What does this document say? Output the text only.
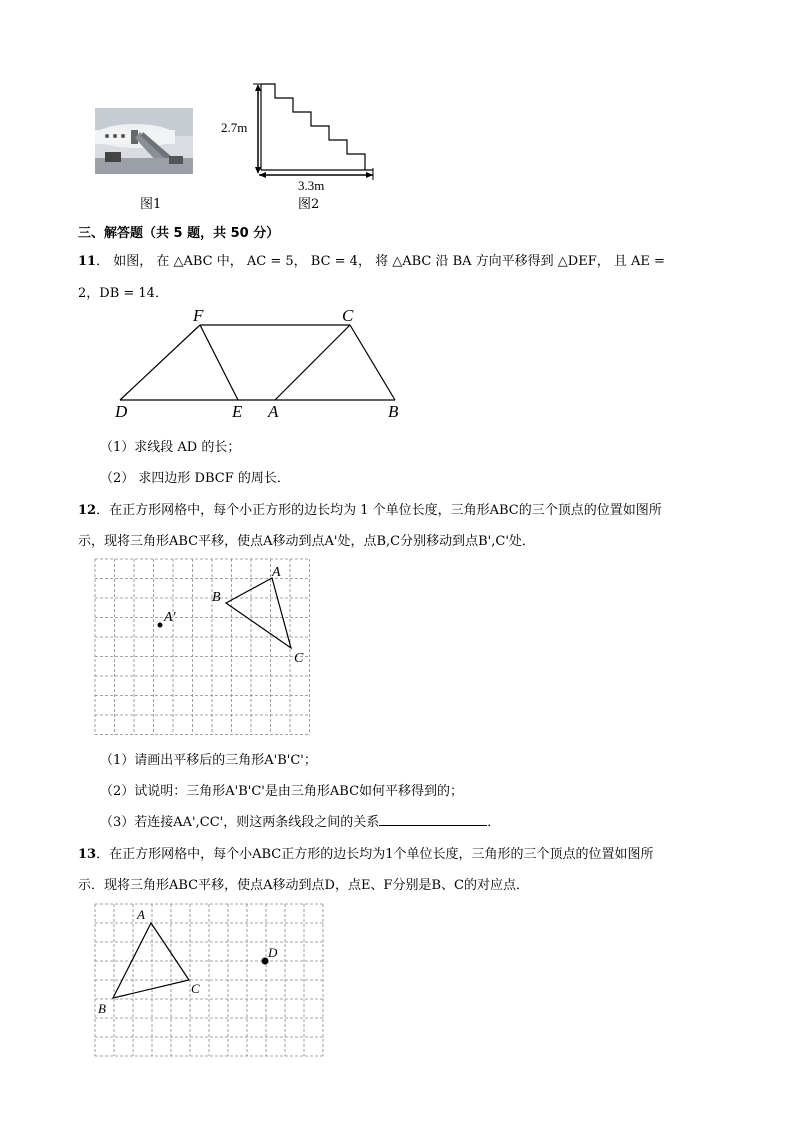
图1
2.7m
3.3m
图2
三、解答题（共 5 题，共 50 分）
11． 如图， 在 △ABC 中， AC = 5， BC = 4， 将 △ABC 沿 BA 方向平移得到 △DEF， 且 AE =
2，DB = 14．
F	C
D	E A	B
（1）求线段 AD 的长；
（2） 求四边形 DBCF 的周长．
12．在正方形网格中，每个小正方形的边长均为 1 个单位长度，三角形ABC的三个顶点的位置如图所
示，现将三角形ABC平移，使点A移动到点A'处，点B,C分别移动到点B',C'处．
A
B
C
A′
（1）请画出平移后的三角形A'B'C'；
（2）试说明：三角形A'B'C'是由三角形ABC如何平移得到的；
（3）若连接AA',CC'，则这两条线段之间的关系	．
13．在正方形网格中，每个小ABC正方形的边长均为1个单位长度，三角形的三个顶点的位置如图所
示．现将三角形ABC平移，使点A移动到点D，点E、F分别是B、C的对应点．
A
B
C
D
